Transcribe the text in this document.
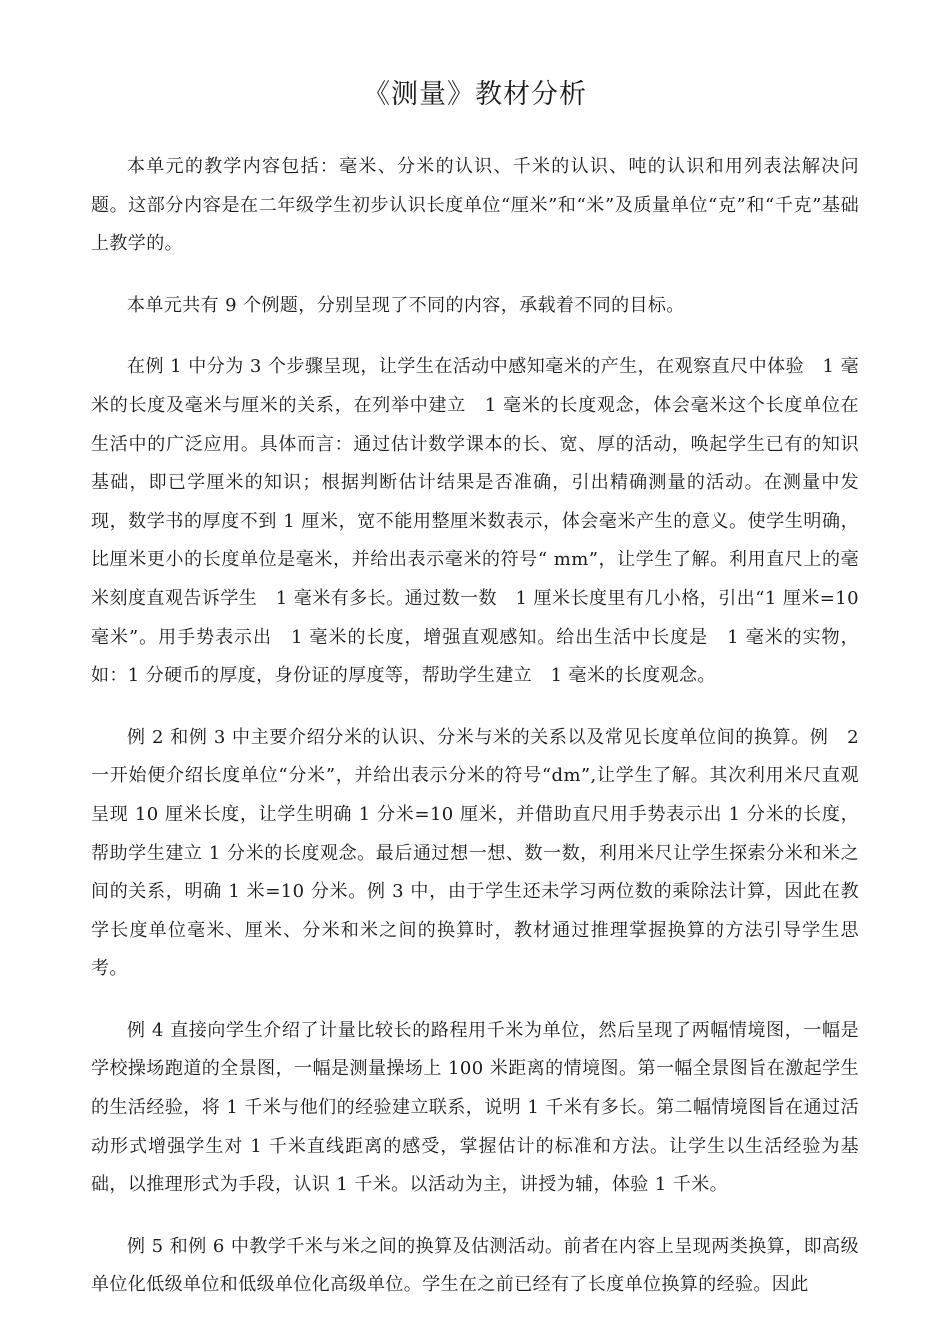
《测量》教材分析

本单元的教学内容包括：毫米、分米的认识、千米的认识、吨的认识和用列表法解决问题。这部分内容是在二年级学生初步认识长度单位“厘米”和“米”及质量单位“克”和“千克”基础上教学的。

本单元共有 9 个例题，分别呈现了不同的内容，承载着不同的目标。

在例 1 中分为 3 个步骤呈现，让学生在活动中感知毫米的产生，在观察直尺中体验　1 毫米的长度及毫米与厘米的关系，在列举中建立　1 毫米的长度观念，体会毫米这个长度单位在生活中的广泛应用。具体而言：通过估计数学课本的长、宽、厚的活动，唤起学生已有的知识基础，即已学厘米的知识；根据判断估计结果是否准确，引出精确测量的活动。在测量中发现，数学书的厚度不到 1 厘米，宽不能用整厘米数表示，体会毫米产生的意义。使学生明确，比厘米更小的长度单位是毫米，并给出表示毫米的符号“ mm”，让学生了解。利用直尺上的毫米刻度直观告诉学生　1 毫米有多长。通过数一数　1 厘米长度里有几小格，引出“1 厘米=10 毫米”。用手势表示出　1 毫米的长度，增强直观感知。给出生活中长度是　1 毫米的实物，如：1 分硬币的厚度，身份证的厚度等，帮助学生建立　1 毫米的长度观念。

例 2 和例 3 中主要介绍分米的认识、分米与米的关系以及常见长度单位间的换算。例　2 一开始便介绍长度单位“分米”，并给出表示分米的符号“dm”,让学生了解。其次利用米尺直观呈现 10 厘米长度，让学生明确 1 分米=10 厘米，并借助直尺用手势表示出 1 分米的长度，帮助学生建立 1 分米的长度观念。最后通过想一想、数一数，利用米尺让学生探索分米和米之间的关系，明确 1 米=10 分米。例 3 中，由于学生还未学习两位数的乘除法计算，因此在教学长度单位毫米、厘米、分米和米之间的换算时，教材通过推理掌握换算的方法引导学生思考。

例 4 直接向学生介绍了计量比较长的路程用千米为单位，然后呈现了两幅情境图，一幅是学校操场跑道的全景图，一幅是测量操场上 100 米距离的情境图。第一幅全景图旨在激起学生的生活经验，将 1 千米与他们的经验建立联系，说明 1 千米有多长。第二幅情境图旨在通过活动形式增强学生对 1 千米直线距离的感受，掌握估计的标准和方法。让学生以生活经验为基础，以推理形式为手段，认识 1 千米。以活动为主，讲授为辅，体验 1 千米。

例 5 和例 6 中教学千米与米之间的换算及估测活动。前者在内容上呈现两类换算，即高级单位化低级单位和低级单位化高级单位。学生在之前已经有了长度单位换算的经验。因此
